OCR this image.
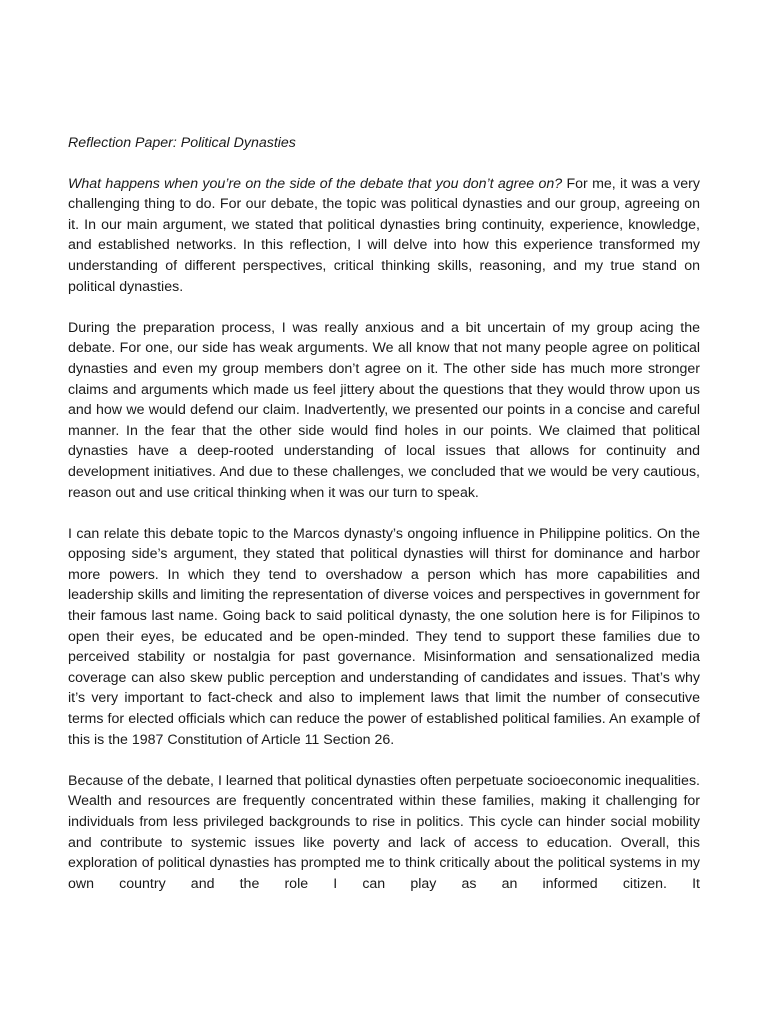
Reflection Paper: Political Dynasties

What happens when you’re on the side of the debate that you don’t agree on? For me, it was a very challenging thing to do. For our debate, the topic was political dynasties and our group, agreeing on it. In our main argument, we stated that political dynasties bring continuity, experience, knowledge, and established networks. In this reflection, I will delve into how this experience transformed my understanding of different perspectives, critical thinking skills, reasoning, and my true stand on political dynasties.

During the preparation process, I was really anxious and a bit uncertain of my group acing the debate. For one, our side has weak arguments. We all know that not many people agree on political dynasties and even my group members don’t agree on it. The other side has much more stronger claims and arguments which made us feel jittery about the questions that they would throw upon us and how we would defend our claim. Inadvertently, we presented our points in a concise and careful manner. In the fear that the other side would find holes in our points. We claimed that political dynasties have a deep-rooted understanding of local issues that allows for continuity and development initiatives. And due to these challenges, we concluded that we would be very cautious, reason out and use critical thinking when it was our turn to speak.

I can relate this debate topic to the Marcos dynasty’s ongoing influence in Philippine politics. On the opposing side’s argument, they stated that political dynasties will thirst for dominance and harbor more powers. In which they tend to overshadow a person which has more capabilities and leadership skills and limiting the representation of diverse voices and perspectives in government for their famous last name. Going back to said political dynasty, the one solution here is for Filipinos to open their eyes, be educated and be open-minded. They tend to support these families due to perceived stability or nostalgia for past governance. Misinformation and sensationalized media coverage can also skew public perception and understanding of candidates and issues. That’s why it’s very important to fact-check and also to implement laws that limit the number of consecutive terms for elected officials which can reduce the power of established political families. An example of this is the 1987 Constitution of Article 11 Section 26.

Because of the debate, I learned that political dynasties often perpetuate socioeconomic inequalities. Wealth and resources are frequently concentrated within these families, making it challenging for individuals from less privileged backgrounds to rise in politics. This cycle can hinder social mobility and contribute to systemic issues like poverty and lack of access to education. Overall, this exploration of political dynasties has prompted me to think critically about the political systems in my own country and the role I can play as an informed citizen. It
